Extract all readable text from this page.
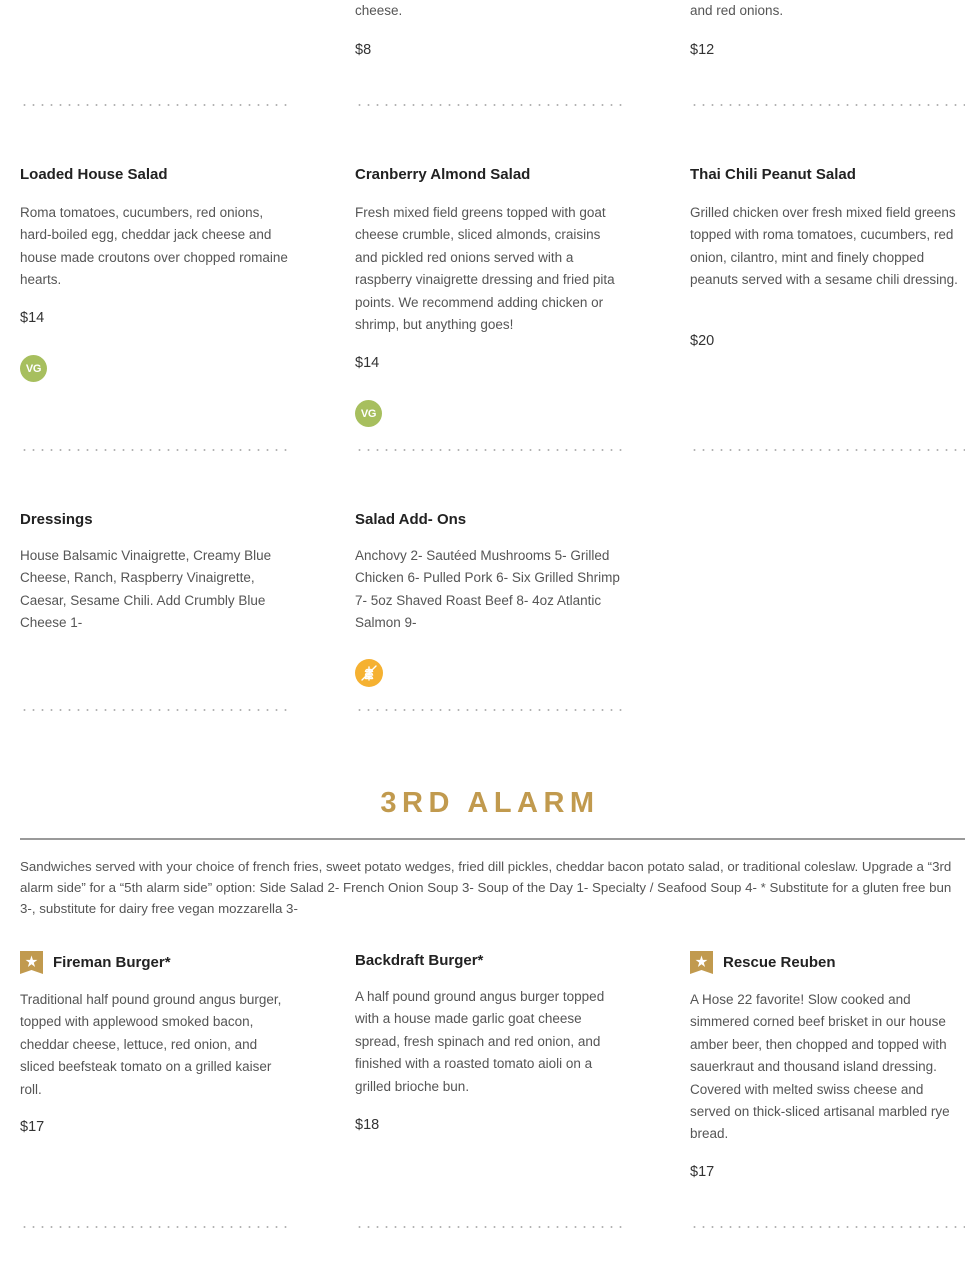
cheese.
$8
and red onions.
$12
Loaded House Salad
Roma tomatoes, cucumbers, red onions, hard-boiled egg, cheddar jack cheese and house made croutons over chopped romaine hearts.
$14
VG
Cranberry Almond Salad
Fresh mixed field greens topped with goat cheese crumble, sliced almonds, craisins and pickled red onions served with a raspberry vinaigrette dressing and fried pita points. We recommend adding chicken or shrimp, but anything goes!
$14
VG
Thai Chili Peanut Salad
Grilled chicken over fresh mixed field greens topped with roma tomatoes, cucumbers, red onion, cilantro, mint and finely chopped peanuts served with a sesame chili dressing.
$20
Dressings
House Balsamic Vinaigrette, Creamy Blue Cheese, Ranch, Raspberry Vinaigrette, Caesar, Sesame Chili. Add Crumbly Blue Cheese 1-
Salad Add- Ons
Anchovy 2- Sautéed Mushrooms 5- Grilled Chicken 6- Pulled Pork 6- Six Grilled Shrimp 7- 5oz Shaved Roast Beef 8- 4oz Atlantic Salmon 9-
3RD ALARM
Sandwiches served with your choice of french fries, sweet potato wedges, fried dill pickles, cheddar bacon potato salad, or traditional coleslaw. Upgrade a “3rd alarm side” for a “5th alarm side” option: Side Salad 2- French Onion Soup 3- Soup of the Day 1- Specialty / Seafood Soup 4- * Substitute for a gluten free bun 3-, substitute for dairy free vegan mozzarella 3-
Fireman Burger*
Traditional half pound ground angus burger, topped with applewood smoked bacon, cheddar cheese, lettuce, red onion, and sliced beefsteak tomato on a grilled kaiser roll.
$17
Backdraft Burger*
A half pound ground angus burger topped with a house made garlic goat cheese spread, fresh spinach and red onion, and finished with a roasted tomato aioli on a grilled brioche bun.
$18
Rescue Reuben
A Hose 22 favorite! Slow cooked and simmered corned beef brisket in our house amber beer, then chopped and topped with sauerkraut and thousand island dressing. Covered with melted swiss cheese and served on thick-sliced artisanal marbled rye bread.
$17
